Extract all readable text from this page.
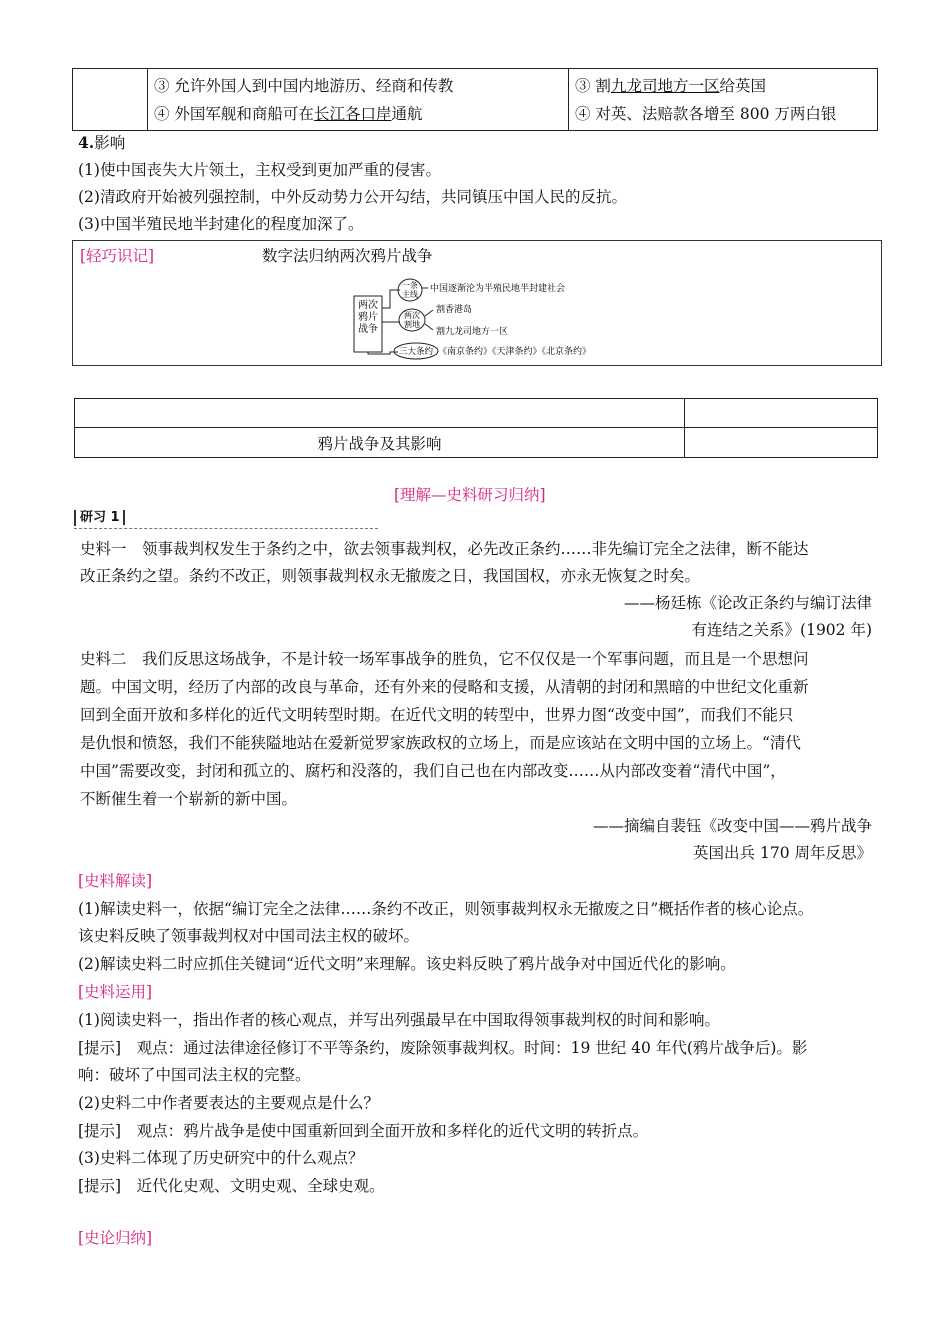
③ 允许外国人到中国内地游历、经商和传教
④ 外国军舰和商船可在长江各口岸通航

③ 割九龙司地方一区给英国
④ 对英、法赔款各增至 800 万两白银
4.影响
(1)使中国丧失大片领土，主权受到更加严重的侵害。
(2)清政府开始被列强控制，中外反动势力公开勾结，共同镇压中国人民的反抗。
(3)中国半殖民地半封建化的程度加深了。
[轻巧识记]	数字法归纳两次鸦片战争
两次
鸦片
战争
一条
主线
中国逐渐沦为半殖民地半封建社会
两次
割地
割香港岛
割九龙司地方一区
三大条约 《南京条约》《天津条约》《北京条约》

鸦片战争及其影响	
[理解—史料研习归纳]
研习 1
史料一　领事裁判权发生于条约之中，欲去领事裁判权，必先改正条约……非先编订完全之法律，断不能达
改正条约之望。条约不改正，则领事裁判权永无撤废之日，我国国权，亦永无恢复之时矣。
——杨廷栋《论改正条约与编订法律
有连结之关系》(1902 年)
史料二　我们反思这场战争，不是计较一场军事战争的胜负，它不仅仅是一个军事问题，而且是一个思想问
题。中国文明，经历了内部的改良与革命，还有外来的侵略和支援，从清朝的封闭和黑暗的中世纪文化重新
回到全面开放和多样化的近代文明转型时期。在近代文明的转型中，世界力图“改变中国”，而我们不能只
是仇恨和愤怒，我们不能狭隘地站在爱新觉罗家族政权的立场上，而是应该站在文明中国的立场上。“清代
中国”需要改变，封闭和孤立的、腐朽和没落的，我们自己也在内部改变……从内部改变着“清代中国”，
不断催生着一个崭新的新中国。
——摘编自裴钰《改变中国——鸦片战争
英国出兵 170 周年反思》
[史料解读]
(1)解读史料一，依据“编订完全之法律……条约不改正，则领事裁判权永无撤废之日”概括作者的核心论点。
该史料反映了领事裁判权对中国司法主权的破坏。
(2)解读史料二时应抓住关键词“近代文明”来理解。该史料反映了鸦片战争对中国近代化的影响。
[史料运用]
(1)阅读史料一，指出作者的核心观点，并写出列强最早在中国取得领事裁判权的时间和影响。
[提示]　观点：通过法律途径修订不平等条约，废除领事裁判权。时间：19 世纪 40 年代(鸦片战争后)。影
响：破坏了中国司法主权的完整。
(2)史料二中作者要表达的主要观点是什么？
[提示]　观点：鸦片战争是使中国重新回到全面开放和多样化的近代文明的转折点。
(3)史料二体现了历史研究中的什么观点？
[提示]　近代化史观、文明史观、全球史观。
[史论归纳]
